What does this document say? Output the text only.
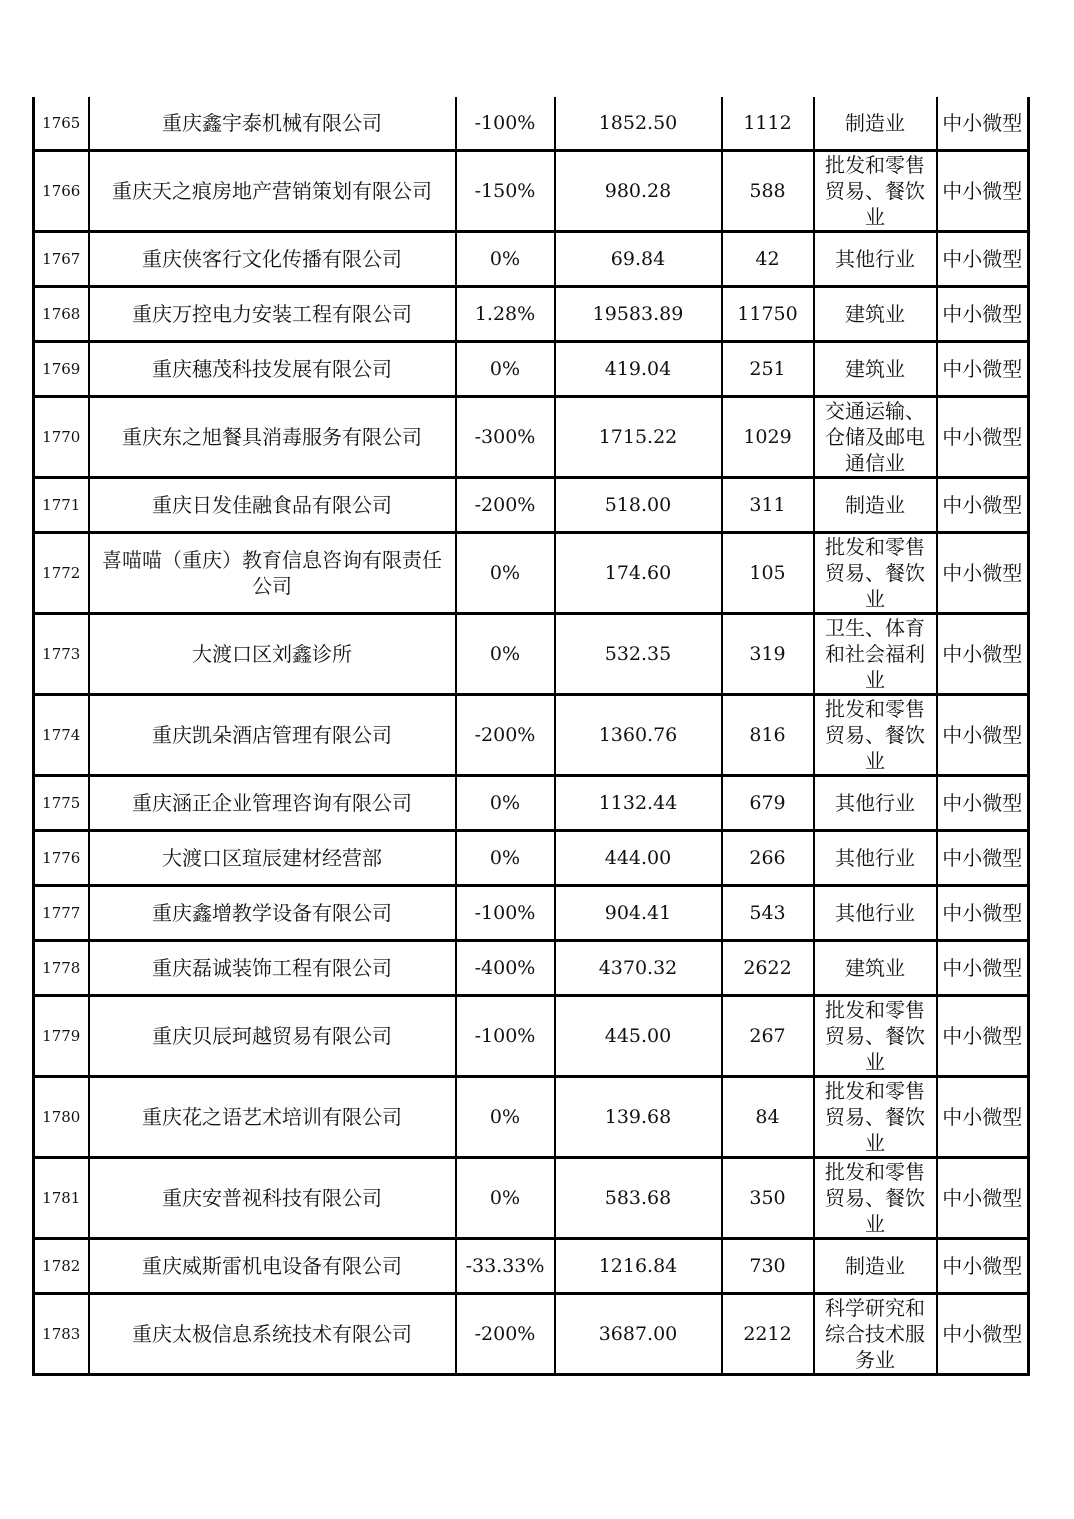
1765	重庆鑫宇泰机械有限公司	-100%	1852.50	1112	制造业	中小微型

1766	重庆天之痕房地产营销策划有限公司	-150%	980.28	588	批发和零售贸易、餐饮业	中小微型

1767	重庆侠客行文化传播有限公司	0%	69.84	42	其他行业	中小微型

1768	重庆万控电力安装工程有限公司	1.28%	19583.89	11750	建筑业	中小微型

1769	重庆穗茂科技发展有限公司	0%	419.04	251	建筑业	中小微型

1770	重庆东之旭餐具消毒服务有限公司	-300%	1715.22	1029	交通运输、仓储及邮电通信业	中小微型

1771	重庆日发佳融食品有限公司	-200%	518.00	311	制造业	中小微型

1772	喜喵喵（重庆）教育信息咨询有限责任公司	0%	174.60	105	批发和零售贸易、餐饮业	中小微型

1773	大渡口区刘鑫诊所	0%	532.35	319	卫生、体育和社会福利业	中小微型

1774	重庆凯朵酒店管理有限公司	-200%	1360.76	816	批发和零售贸易、餐饮业	中小微型

1775	重庆涵正企业管理咨询有限公司	0%	1132.44	679	其他行业	中小微型

1776	大渡口区瑄辰建材经营部	0%	444.00	266	其他行业	中小微型

1777	重庆鑫增教学设备有限公司	-100%	904.41	543	其他行业	中小微型

1778	重庆磊诚装饰工程有限公司	-400%	4370.32	2622	建筑业	中小微型

1779	重庆贝辰珂越贸易有限公司	-100%	445.00	267	批发和零售贸易、餐饮业	中小微型

1780	重庆花之语艺术培训有限公司	0%	139.68	84	批发和零售贸易、餐饮业	中小微型

1781	重庆安普视科技有限公司	0%	583.68	350	批发和零售贸易、餐饮业	中小微型

1782	重庆威斯雷机电设备有限公司	-33.33%	1216.84	730	制造业	中小微型

1783	重庆太极信息系统技术有限公司	-200%	3687.00	2212	科学研究和综合技术服务业	中小微型
